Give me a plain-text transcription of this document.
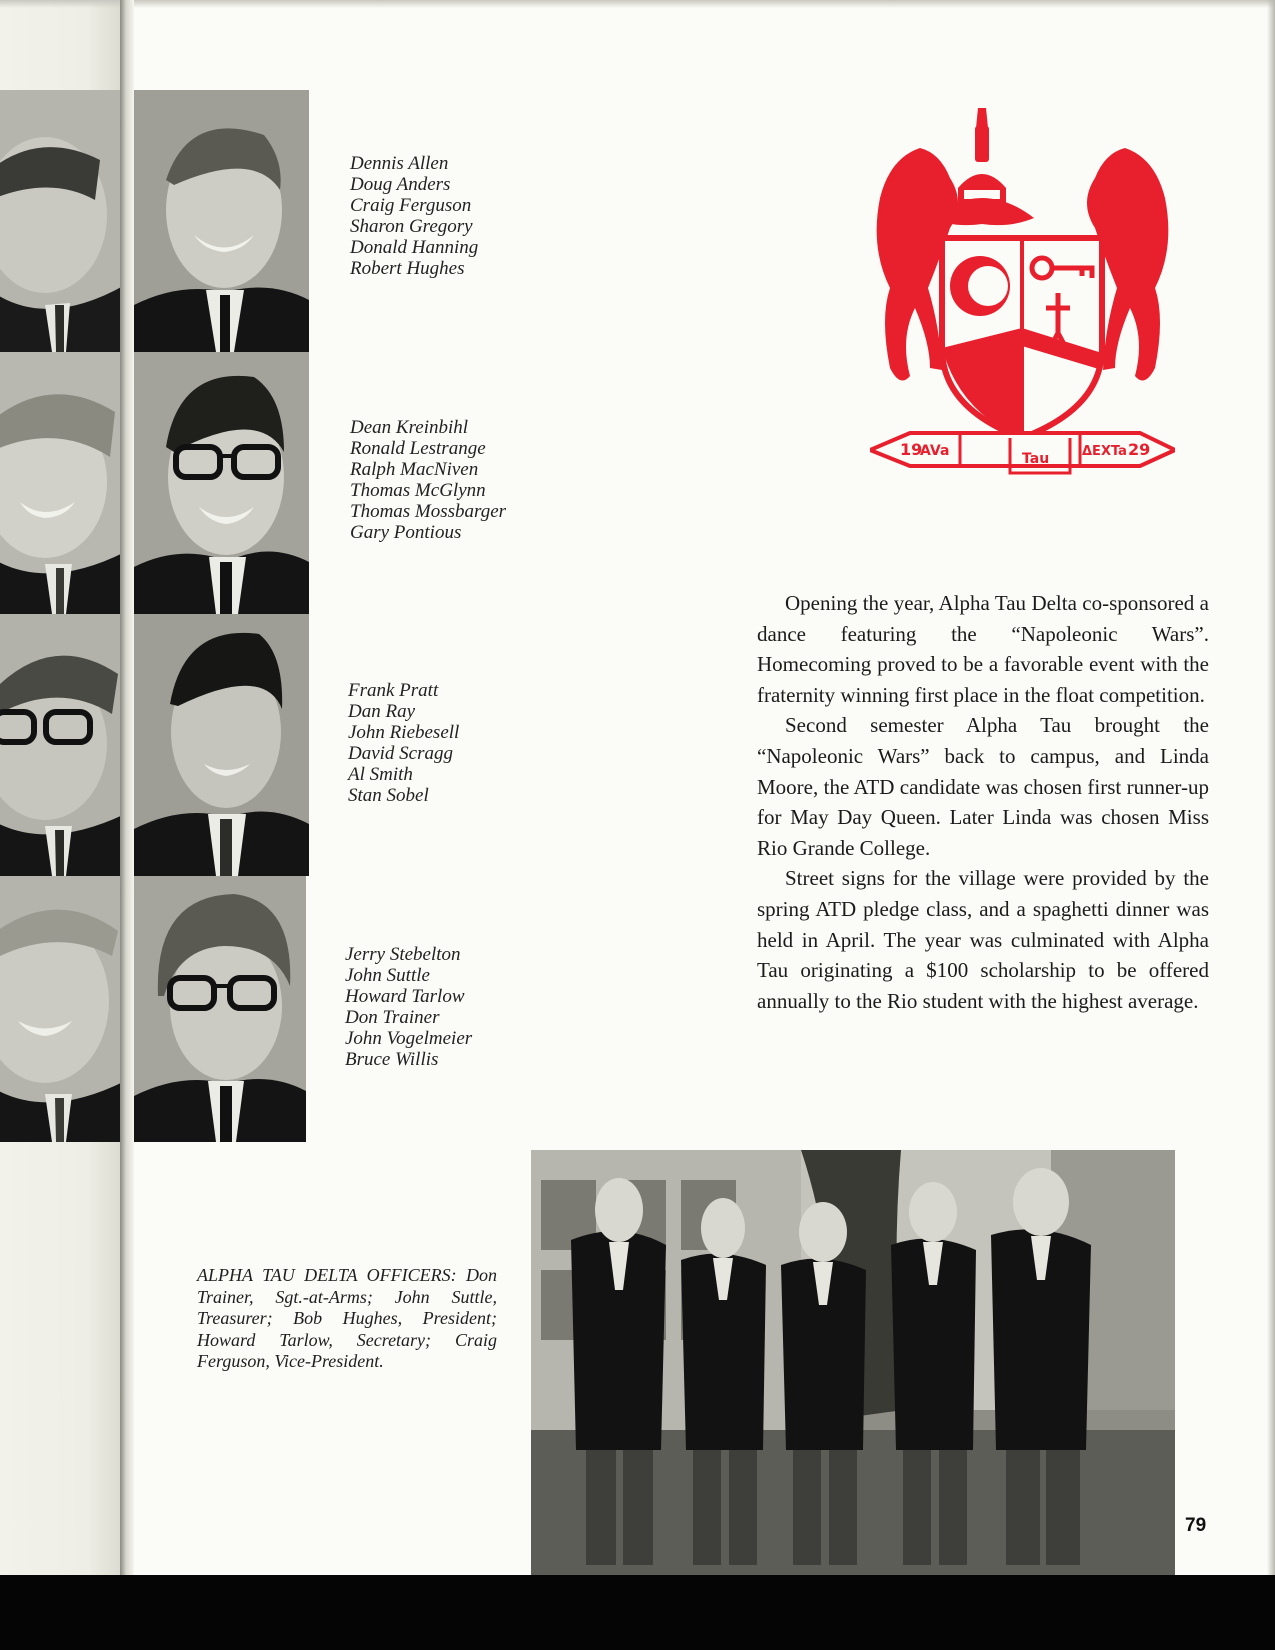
Dennis Allen
Doug Anders
Craig Ferguson
Sharon Gregory
Donald Hanning
Robert Hughes
Dean Kreinbihl
Ronald Lestrange
Ralph MacNiven
Thomas McGlynn
Thomas Mossbarger
Gary Pontious
Frank Pratt
Dan Ray
John Riebesell
David Scragg
Al Smith
Stan Sobel
Jerry Stebelton
John Suttle
Howard Tarlow
Don Trainer
John Vogelmeier
Bruce Willis
19
AVa	Tau	ΔEXTa 29

Opening the year, Alpha Tau Delta co-sponsored a dance featuring the “Napoleonic Wars”. Homecoming proved to be a favorable event with the fraternity winning first place in the float competition.

Second semester Alpha Tau brought the “Napoleonic Wars” back to campus, and Linda Moore, the ATD candidate was chosen first runner-up for May Day Queen. Later Linda was chosen Miss Rio Grande College.

Street signs for the village were provided by the spring ATD pledge class, and a spaghetti dinner was held in April. The year was culminated with Alpha Tau originating a $100 scholarship to be offered annually to the Rio student with the highest average.

ALPHA TAU DELTA OFFICERS: Don Trainer, Sgt.-at-Arms; John Suttle, Treasurer; Bob Hughes, President; Howard Tarlow, Secretary; Craig Ferguson, Vice-President.
79
